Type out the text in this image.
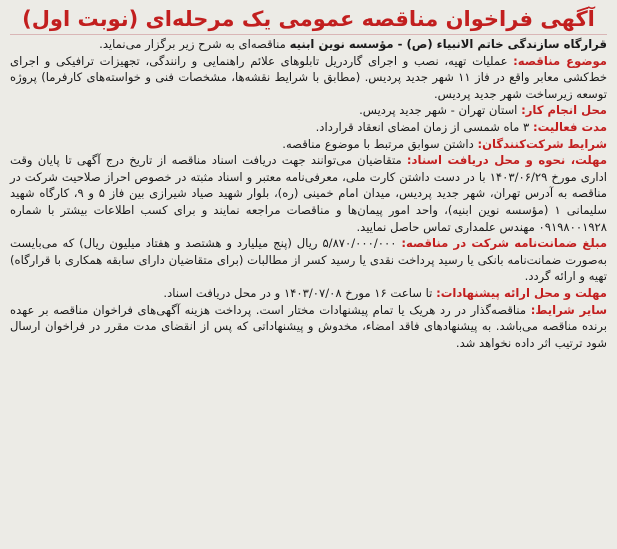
آگهی فراخوان مناقصه عمومی یک مرحله‌ای (نوبت اول)

قرارگاه سازندگی خاتم الانبیاء (ص) - مؤسسه نوین ابنیه مناقصه‌ای به شرح زیر برگزار می‌نماید.

موضوع مناقصه: عملیات تهیه، نصب و اجرای گاردریل تابلوهای علائم راهنمایی و رانندگی، تجهیزات ترافیکی و اجرای خط‌کشی معابر واقع در فاز ۱۱ شهر جدید پردیس. (مطابق با شرایط نقشه‌ها، مشخصات فنی و خواسته‌های کارفرما) پروژه توسعه زیرساخت شهر جدید پردیس.

محل انجام کار: استان تهران - شهر جدید پردیس.

مدت فعالیت: ۳ ماه شمسی از زمان امضای انعقاد قرارداد.

شرایط شرکت‌کنندگان: داشتن سوابق مرتبط با موضوع مناقصه.

مهلت، نحوه و محل دریافت اسناد: متقاضیان می‌توانند جهت دریافت اسناد مناقصه از تاریخ درج آگهی تا پایان وقت اداری مورخ ۱۴۰۳/۰۶/۲۹ با در دست داشتن کارت ملی، معرفی‌نامه معتبر و اسناد مثبته در خصوص احراز صلاحیت شرکت در مناقصه به آدرس تهران، شهر جدید پردیس، میدان امام خمینی (ره)، بلوار شهید صیاد شیرازی بین فاز ۵ و ۹، کارگاه شهید سلیمانی ۱ (مؤسسه نوین ابنیه)، واحد امور پیمان‌ها و مناقصات مراجعه نمایند و برای کسب اطلاعات بیشتر با شماره ۰۹۱۹۸۰۰۱۹۲۸ مهندس علمداری تماس حاصل نمایید.

مبلغ ضمانت‌نامه شرکت در مناقصه: ۵/۸۷۰/۰۰۰/۰۰۰ ریال (پنج میلیارد و هشتصد و هفتاد میلیون ریال) که می‌بایست به‌صورت ضمانت‌نامه بانکی یا رسید پرداخت نقدی یا رسید کسر از مطالبات (برای متقاضیان دارای سابقه همکاری با قرارگاه) تهیه و ارائه گردد.

مهلت و محل ارائه پیشنهادات: تا ساعت ۱۶ مورخ ۱۴۰۳/۰۷/۰۸ و در محل دریافت اسناد.

سایر شرایط: مناقصه‌گذار در رد هریک یا تمام پیشنهادات مختار است. پرداخت هزینه آگهی‌های فراخوان مناقصه بر عهده برنده مناقصه می‌باشد. به پیشنهادهای فاقد امضاء، مخدوش و پیشنهاداتی که پس از انقضای مدت مقرر در فراخوان ارسال شود ترتیب اثر داده نخواهد شد.
